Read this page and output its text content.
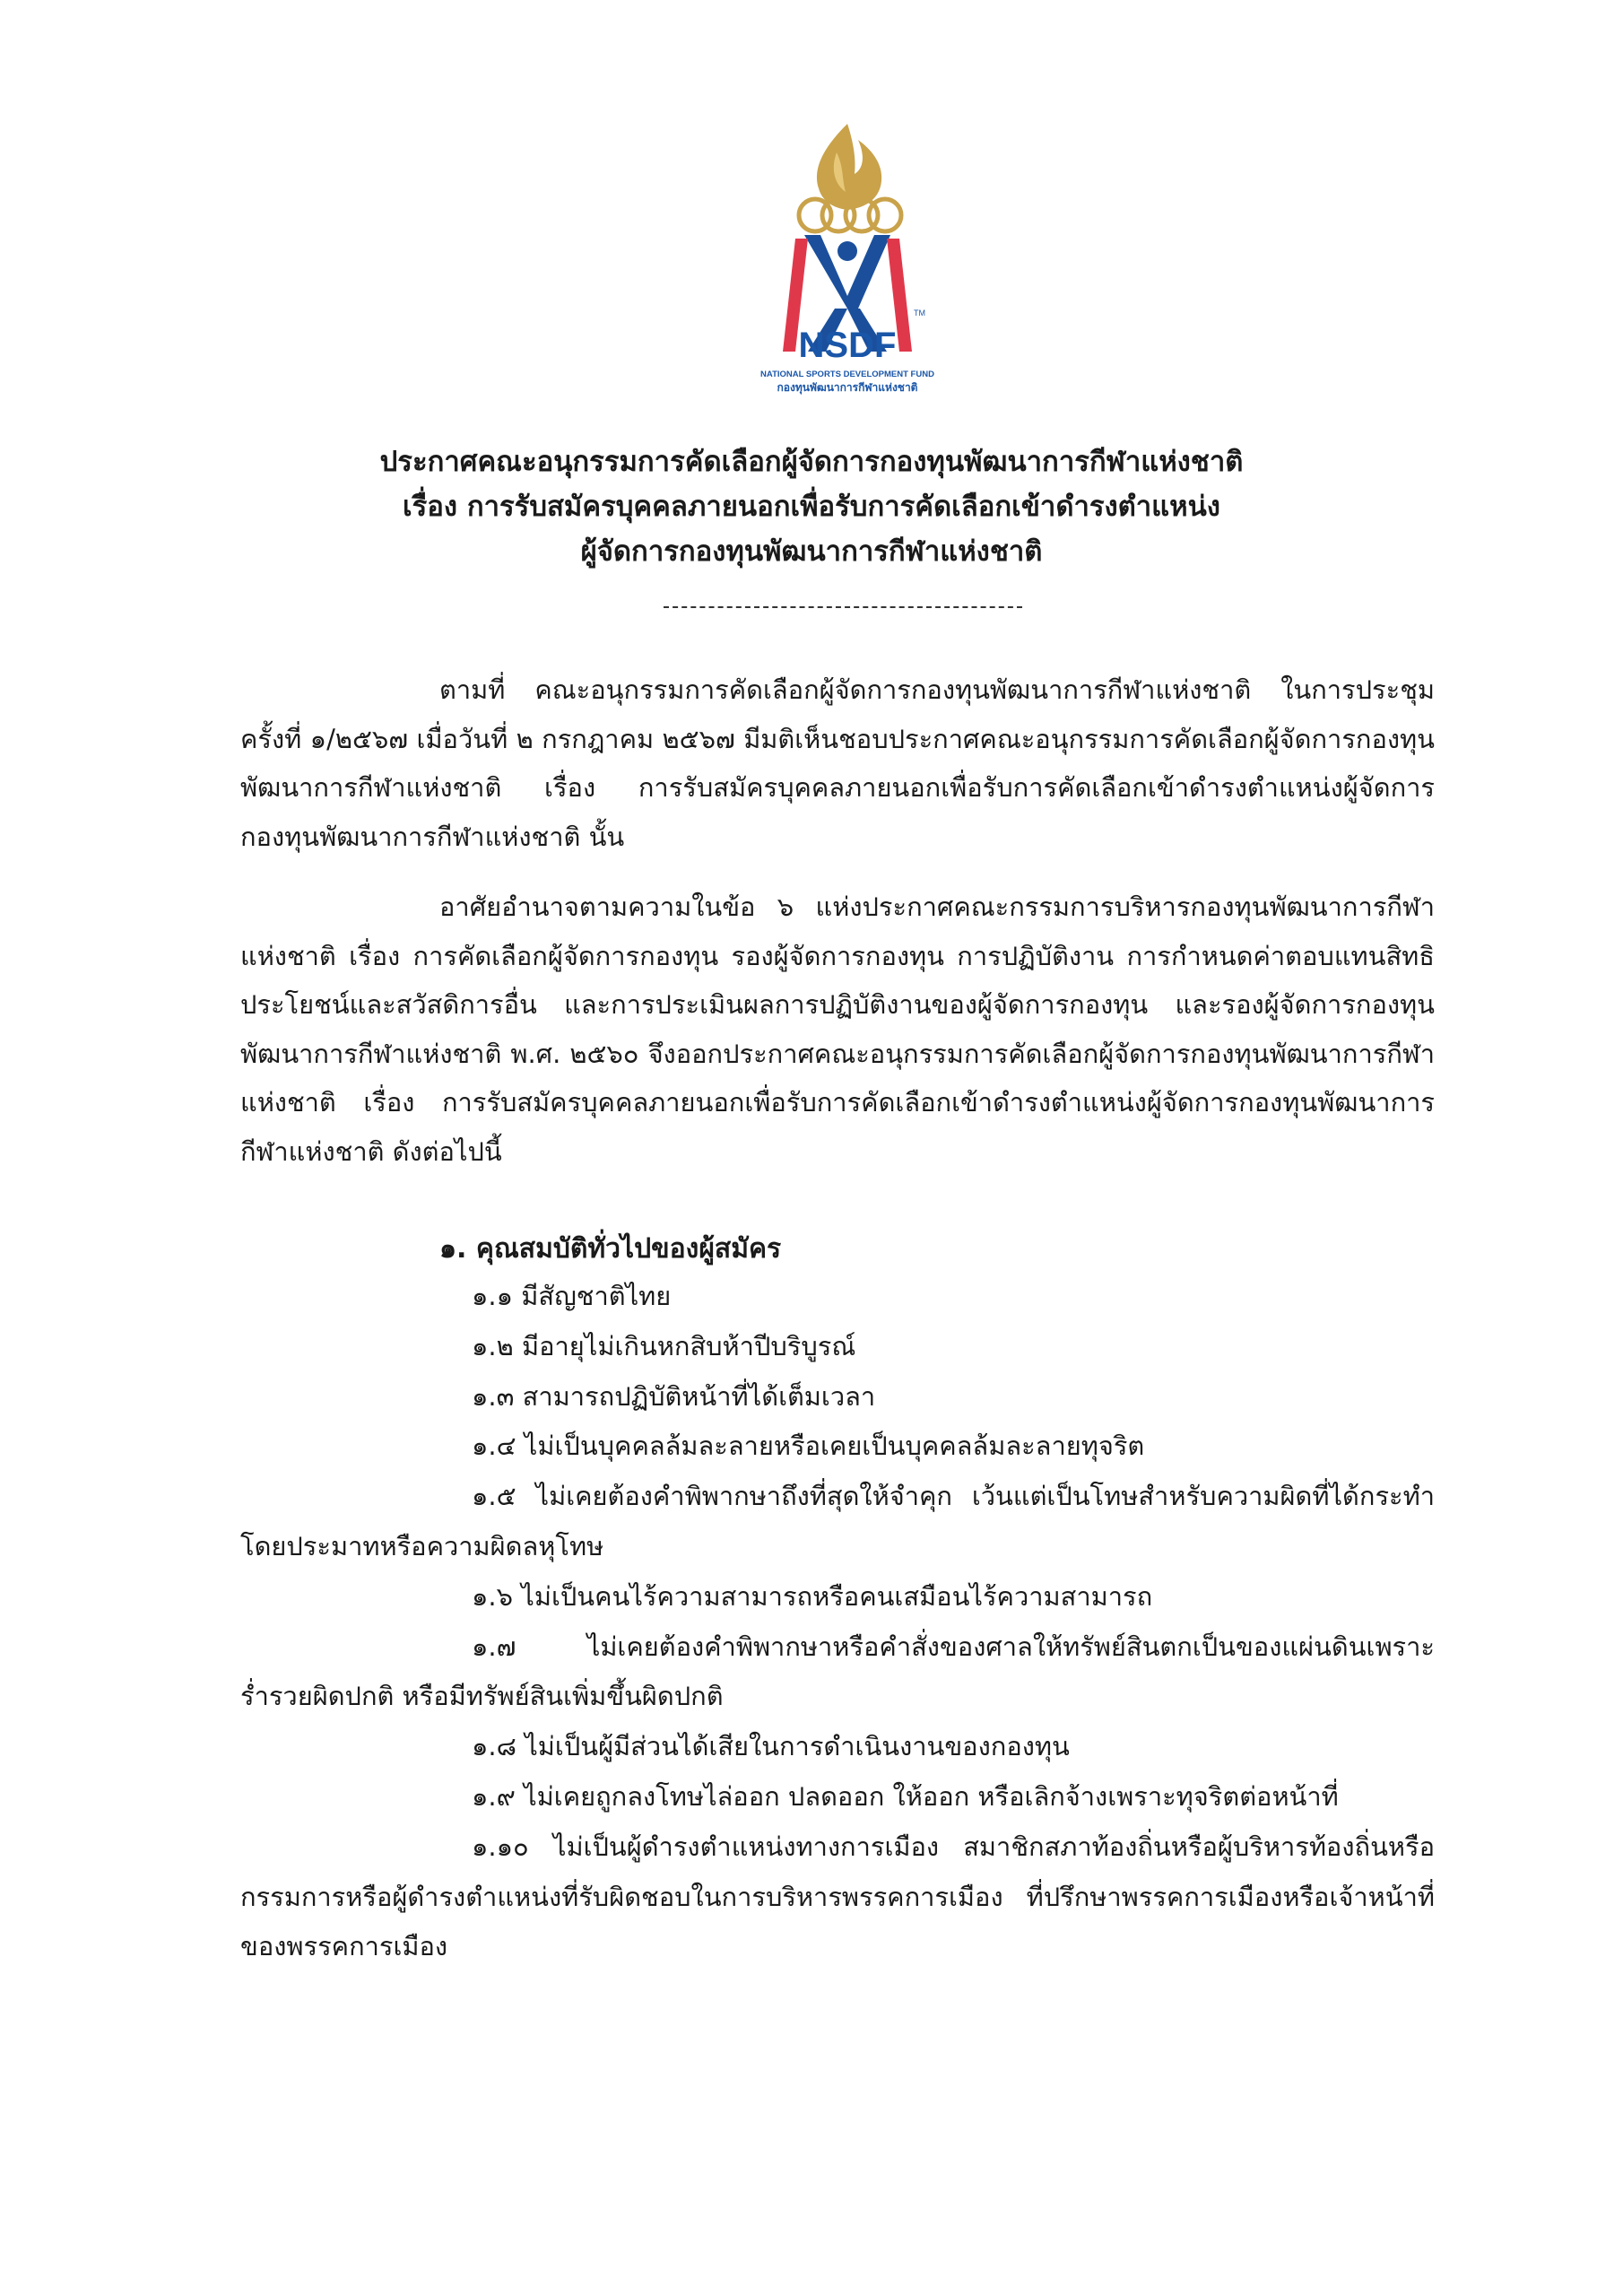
TM
NSDF
NATIONAL SPORTS DEVELOPMENT FUND
กองทุนพัฒนาการกีฬาแห่งชาติ
ประกาศคณะอนุกรรมการคัดเลือกผู้จัดการกองทุนพัฒนาการกีฬาแห่งชาติ
เรื่อง การรับสมัครบุคคลภายนอกเพื่อรับการคัดเลือกเข้าดำรงตำแหน่ง
ผู้จัดการกองทุนพัฒนาการกีฬาแห่งชาติ

ตามที่ คณะอนุกรรมการคัดเลือกผู้จัดการกองทุนพัฒนาการกีฬาแห่งชาติ ในการประชุมครั้งที่ ๑/๒๕๖๗ เมื่อวันที่ ๒ กรกฎาคม ๒๕๖๗ มีมติเห็นชอบประกาศคณะอนุกรรมการคัดเลือกผู้จัดการกองทุนพัฒนาการกีฬาแห่งชาติ เรื่อง การรับสมัครบุคคลภายนอกเพื่อรับการคัดเลือกเข้าดำรงตำแหน่งผู้จัดการกองทุนพัฒนาการกีฬาแห่งชาติ นั้น

อาศัยอำนาจตามความในข้อ ๖ แห่งประกาศคณะกรรมการบริหารกองทุนพัฒนาการกีฬาแห่งชาติ เรื่อง การคัดเลือกผู้จัดการกองทุน รองผู้จัดการกองทุน การปฏิบัติงาน การกำหนดค่าตอบแทนสิทธิประโยชน์และสวัสดิการอื่น และการประเมินผลการปฏิบัติงานของผู้จัดการกองทุน และรองผู้จัดการกองทุนพัฒนาการกีฬาแห่งชาติ พ.ศ. ๒๕๖๐ จึงออกประกาศคณะอนุกรรมการคัดเลือกผู้จัดการกองทุนพัฒนาการกีฬาแห่งชาติ เรื่อง การรับสมัครบุคคลภายนอกเพื่อรับการคัดเลือกเข้าดำรงตำแหน่งผู้จัดการกองทุนพัฒนาการกีฬาแห่งชาติ ดังต่อไปนี้

๑. คุณสมบัติทั่วไปของผู้สมัคร

๑.๑ มีสัญชาติไทย
๑.๒ มีอายุไม่เกินหกสิบห้าปีบริบูรณ์
๑.๓ สามารถปฏิบัติหน้าที่ได้เต็มเวลา
๑.๔ ไม่เป็นบุคคลล้มละลายหรือเคยเป็นบุคคลล้มละลายทุจริต
๑.๕ ไม่เคยต้องคำพิพากษาถึงที่สุดให้จำคุก เว้นแต่เป็นโทษสำหรับความผิดที่ได้กระทำโดยประมาทหรือความผิดลหุโทษ
๑.๖ ไม่เป็นคนไร้ความสามารถหรือคนเสมือนไร้ความสามารถ
๑.๗ ไม่เคยต้องคำพิพากษาหรือคำสั่งของศาลให้ทรัพย์สินตกเป็นของแผ่นดินเพราะร่ำรวยผิดปกติ หรือมีทรัพย์สินเพิ่มขึ้นผิดปกติ
๑.๘ ไม่เป็นผู้มีส่วนได้เสียในการดำเนินงานของกองทุน
๑.๙ ไม่เคยถูกลงโทษไล่ออก ปลดออก ให้ออก หรือเลิกจ้างเพราะทุจริตต่อหน้าที่
๑.๑๐ ไม่เป็นผู้ดำรงตำแหน่งทางการเมือง สมาชิกสภาท้องถิ่นหรือผู้บริหารท้องถิ่นหรือกรรมการหรือผู้ดำรงตำแหน่งที่รับผิดชอบในการบริหารพรรคการเมือง ที่ปรึกษาพรรคการเมืองหรือเจ้าหน้าที่ของพรรคการเมือง
